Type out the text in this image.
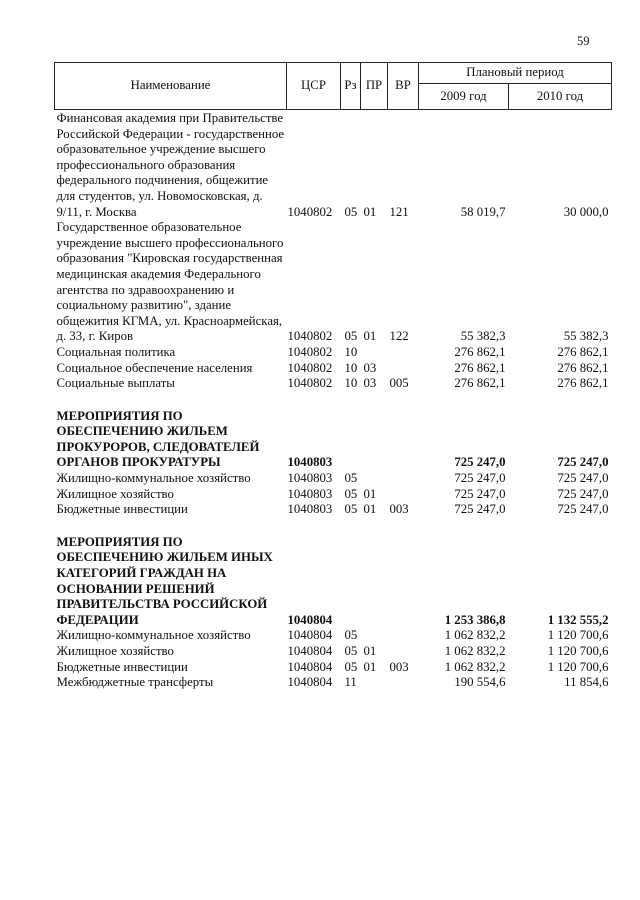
59
Наименование	ЦСР	Рз	ПР	ВР	Плановый период	
					2009 год	2010 год
Финансовая академия при Правительстве Российской Федерации - государственное образовательное учреждение высшего профессионального образования федерального подчинения, общежитие для студентов, ул. Новомосковская, д. 9/11, г. Москва	1040802	05	01	121	58 019,7	30 000,0
Государственное образовательное учреждение высшего профессионального образования "Кировская государственная медицинская академия Федерального агентства по здравоохранению и социальному развитию", здание общежития КГМА, ул. Красноармейская, д. 33, г. Киров	1040802	05	01	122	55 382,3	55 382,3
Социальная политика	1040802	10			276 862,1	276 862,1
Социальное обеспечение населения	1040802	10	03		276 862,1	276 862,1
Социальные выплаты	1040802	10	03	005	276 862,1	276 862,1

МЕРОПРИЯТИЯ ПО ОБЕСПЕЧЕНИЮ ЖИЛЬЕМ ПРОКУРОРОВ, СЛЕДОВАТЕЛЕЙ ОРГАНОВ ПРОКУРАТУРЫ	1040803				725 247,0	725 247,0
Жилищно-коммунальное хозяйство	1040803	05			725 247,0	725 247,0
Жилищное хозяйство	1040803	05	01		725 247,0	725 247,0
Бюджетные инвестиции	1040803	05	01	003	725 247,0	725 247,0

МЕРОПРИЯТИЯ ПО ОБЕСПЕЧЕНИЮ ЖИЛЬЕМ ИНЫХ КАТЕГОРИЙ ГРАЖДАН НА ОСНОВАНИИ РЕШЕНИЙ ПРАВИТЕЛЬСТВА РОССИЙСКОЙ ФЕДЕРАЦИИ	1040804				1 253 386,8	1 132 555,2
Жилищно-коммунальное хозяйство	1040804	05			1 062 832,2	1 120 700,6
Жилищное хозяйство	1040804	05	01		1 062 832,2	1 120 700,6
Бюджетные инвестиции	1040804	05	01	003	1 062 832,2	1 120 700,6
Межбюджетные трансферты	1040804	11			190 554,6	11 854,6
